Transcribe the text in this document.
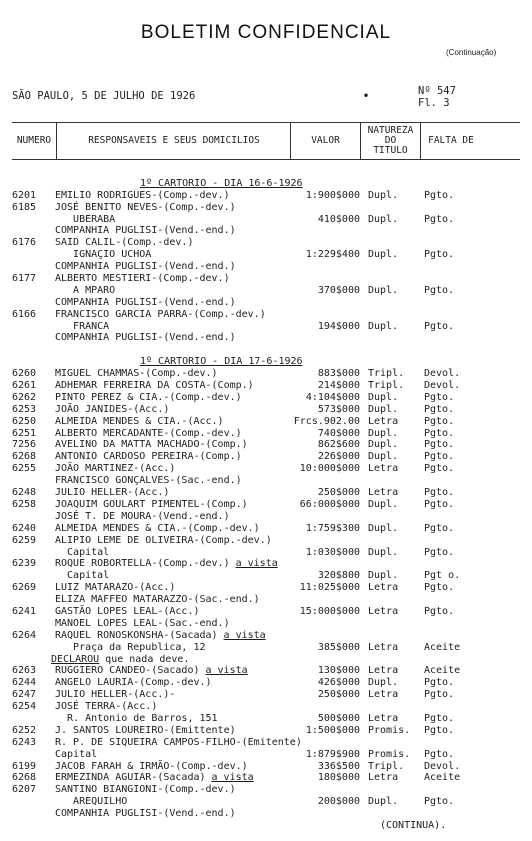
BOLETIM CONFIDENCIAL
(Continuação)
SÃO PAULO, 5 DE JULHO DE 1926	•	Nº 547
Fl. 3
NUMERO	RESPONSAVEIS E SEUS DOMICILIOS	VALOR
NATUREZA
DO
TITULO
FALTA DE
1º CARTORIO - DIA 16-6-1926
6201 EMILIO RODRIGUES-(Comp.-dev.)	1:900$000 Dupl.	Pgto.
6185 JOSÉ BENITO NEVES-(Comp.-dev.)
UBERABA	410$000 Dupl.	Pgto.
COMPANHIA PUGLISI-(Vend.-end.)
6176 SAID CALIL-(Comp.-dev.)
IGNAÇIO UCHOA	1:229$400 Dupl.	Pgto.
COMPANHIA PUGLISI-(Vend.-end.)
6177 ALBERTO MESTIERI-(Comp.-dev.)
A MPARO	370$000 Dupl.	Pgto.
COMPANHIA PUGLISI-(Vend.-end.)
6166 FRANCISCO GARCIA PARRA-(Comp.-dev.)
FRANCA	194$000 Dupl.	Pgto.
COMPANHIA PUGLISI-(Vend.-end.)
1º CARTORIO - DIA 17-6-1926
6260 MIGUEL CHAMMAS-(Comp.-dev.)	883$000 Tripl. Devol.
6261 ADHEMAR FERREIRA DA COSTA-(Comp.)	214$000 Tripl. Devol.
6262 PINTO PEREZ & CIA.-(Comp.-dev.)	4:104$000 Dupl.	Pgto.
6253 JOÃO JANIDES-(Acc.)	573$000 Dupl.	Pgto.
6250 ALMEIDA MENDES & CIA.-(Acc.)	Frcs.902.00 Letra	Pgto.
6251 ALBERTO MERCADANTE-(Comp.-dev.)	740$000 Dupl.	Pgto.
7256 AVELINO DA MATTA MACHADO-(Comp.)	862$600 Dupl.	Pgto.
6268 ANTONIO CARDOSO PEREIRA-(Comp.)	226$000 Dupl.	Pgto.
6255 JOÃO MARTINEZ-(Acc.)	10:000$000 Letra	Pgto.
FRANCISCO GONÇALVES-(Sac.-end.)
6248 JULIO HELLER-(Acc.)	250$000 Letra	Pgto.
6258 JOAQUIM GOULART PIMENTEL-(Comp.)	66:000$000 Dupl.	Pgto.
JOSÉ T. DE MOURA-(Vend.-end.)
6240 ALMEIDA MENDES & CIA.-(Comp.-dev.)	1:759$300 Dupl.	Pgto.
6259 ALIPIO LEME DE OLIVEIRA-(Comp.-dev.)
Capital	1:030$000 Dupl.	Pgto.
6239 ROQUE ROBORTELLA-(Comp.-dev.) a vista
Capital	320$800 Dupl.	Pgt o.
6269 LUIZ MATARAZO-(Acc.)	11:025$000 Letra	Pgto.
ELIZA MAFFEO MATARAZZO-(Sac.-end.)
6241 GASTÃO LOPES LEAL-(Acc.)	15:000$000 Letra	Pgto.
MANOEL LOPES LEAL-(Sac.-end.)
6264 RAQUEL RONOSKONSHA-(Sacada) a vista
Praça da Republica, 12	385$000 Letra	Aceite
DECLAROU que nada deve.
6263 RUGGIERO CANDEO-(Sacado) a vista	130$000 Letra	Aceite
6244 ANGELO LAURIA-(Comp.-dev.)	426$000 Dupl.	Pgto.
6247 JULIO HELLER-(Acc.)-	250$000 Letra	Pgto.
6254 JOSÉ TERRA-(Acc.)
R. Antonio de Barros, 151	500$000 Letra	Pgto.
6252 J. SANTOS LOUREIRO-(Emittente)	1:500$000 Promis. Pgto.
6243 R. P. DE SIQUEIRA CAMPOS-FILHO-(Emitente)
Capital	1:879$900 Promis. Pgto.
6199 JACOB FARAH & IRMÃO-(Comp.-dev.)	336$500 Tripl. Devol.
6268 ERMEZINDA AGUIAR-(Sacada) a vista	180$000 Letra	Aceite
6207 SANTINO BIANGIONI-(Comp.-dev.)
AREQUILHO	200$000 Dupl.	Pgto.
COMPANHIA PUGLISI-(Vend.-end.)
(CONTINUA).
